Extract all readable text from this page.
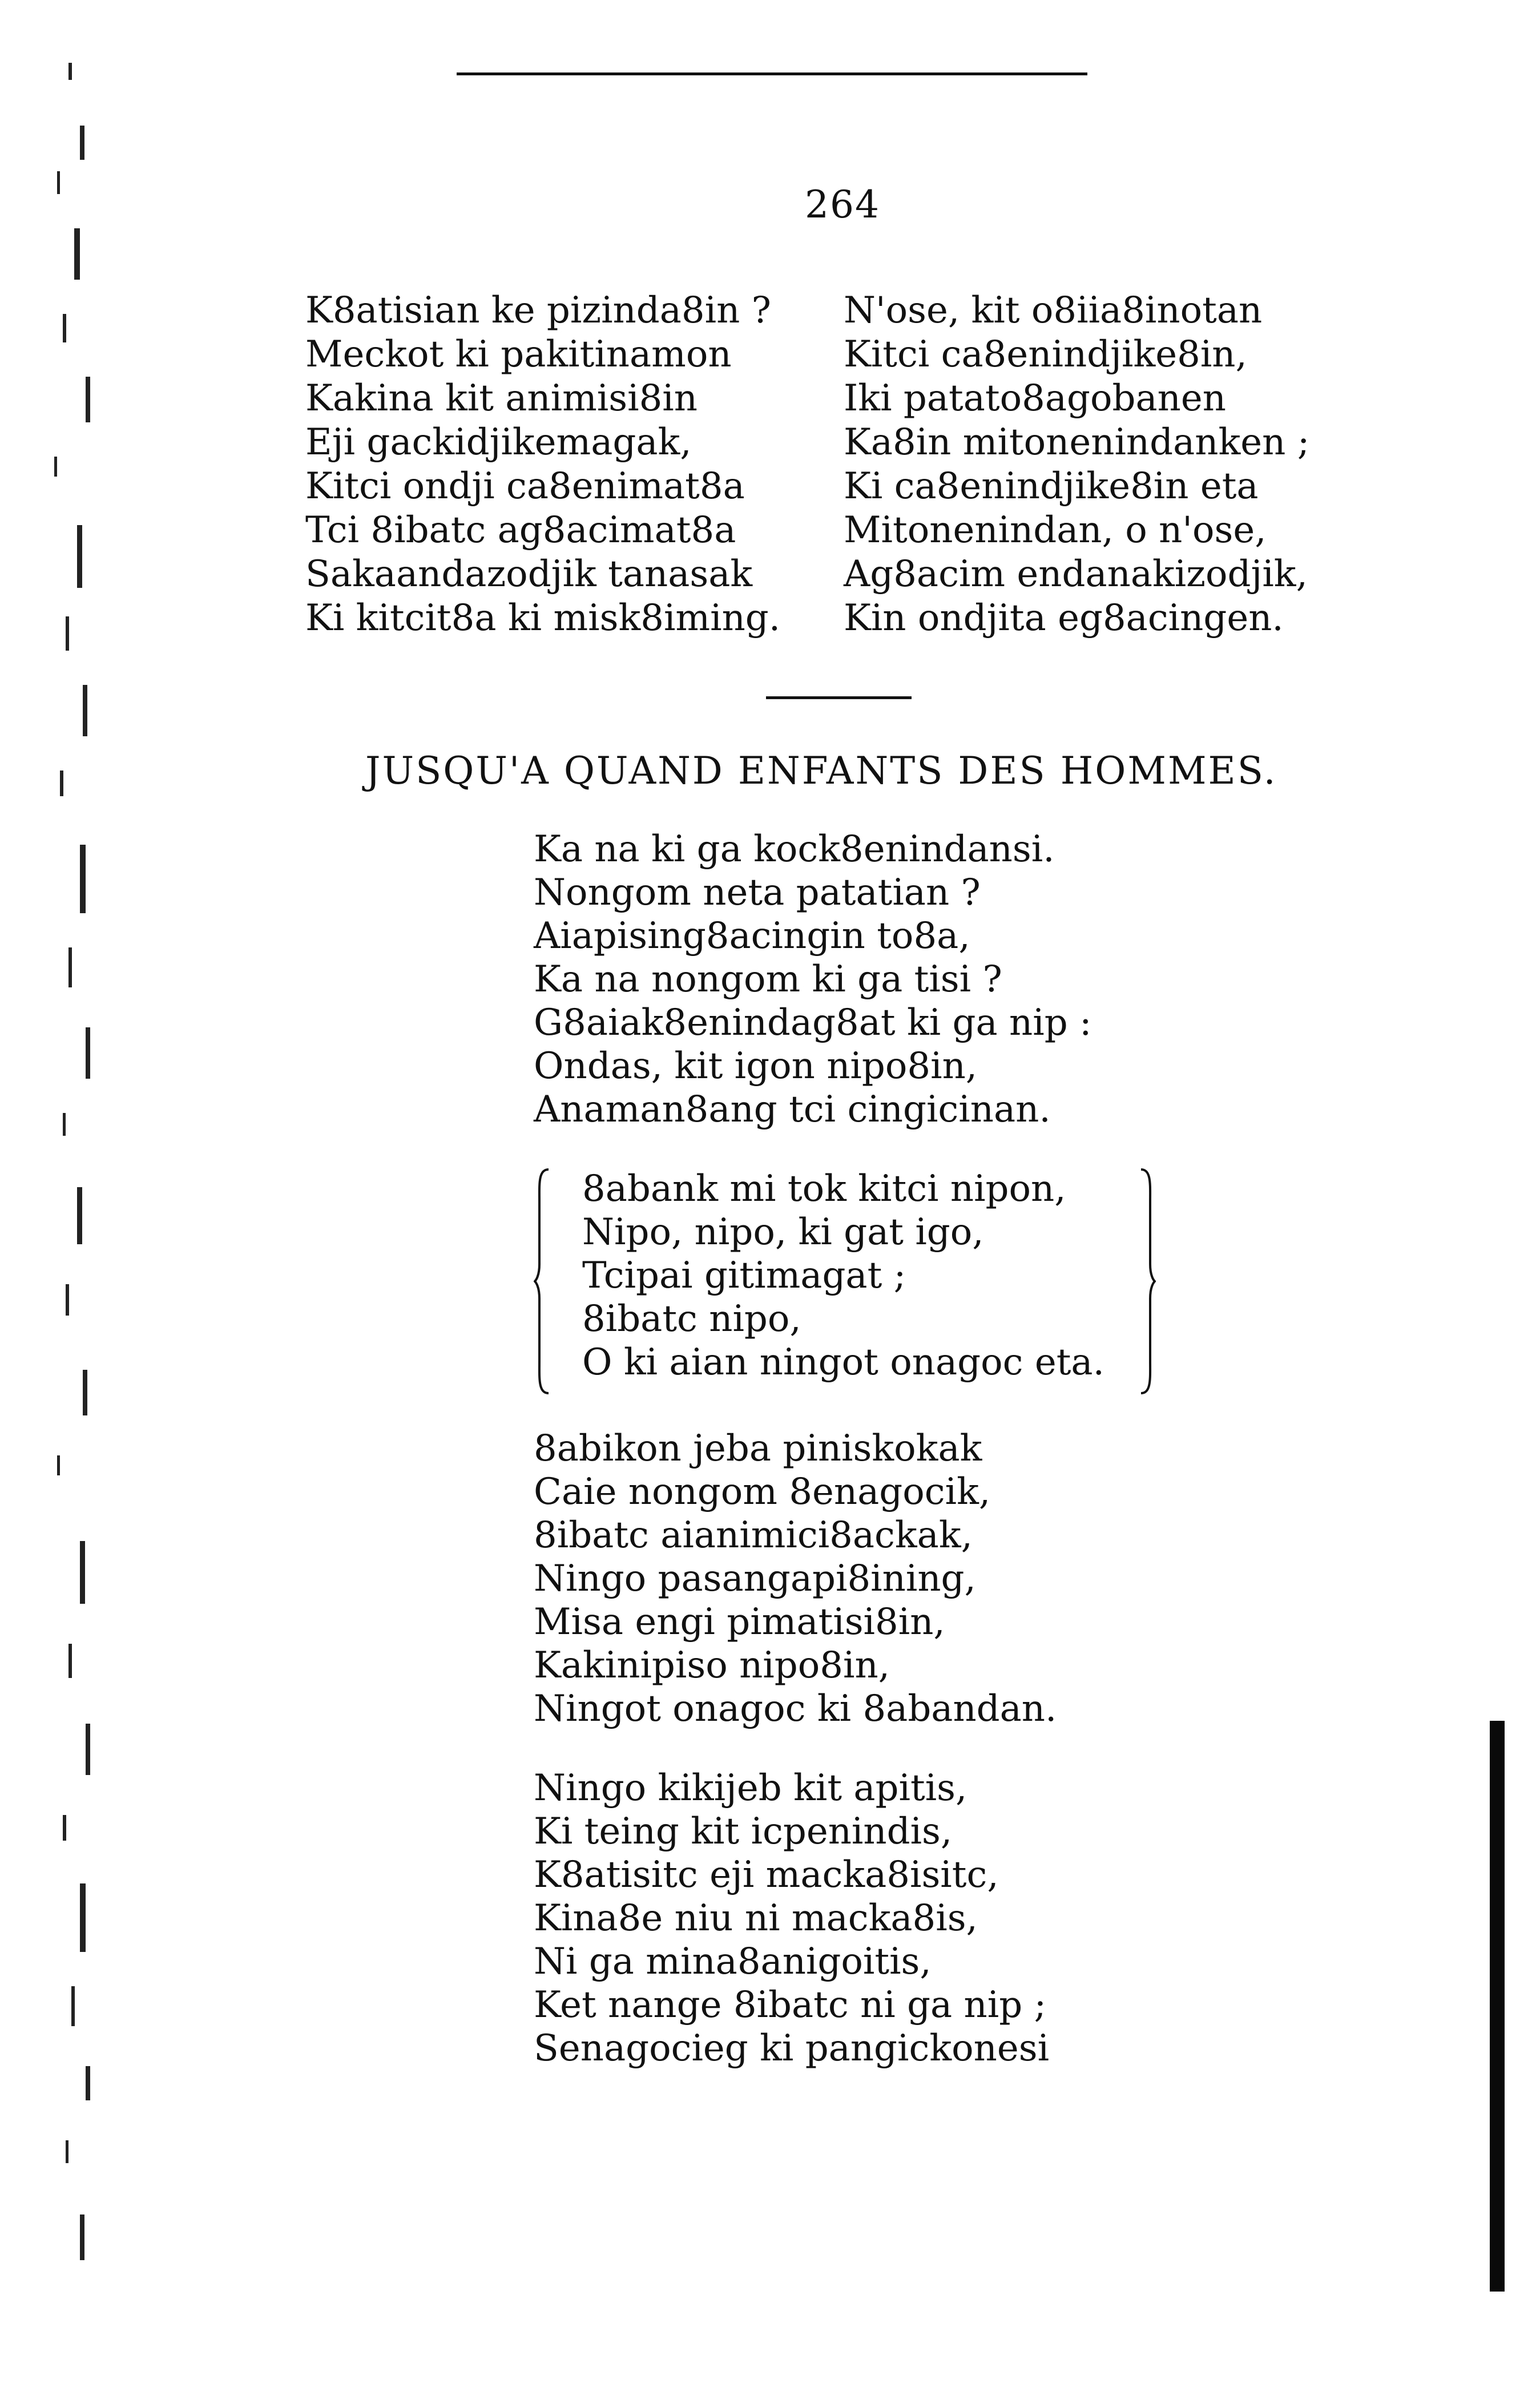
264
K8atisian ke pizinda8in ?
Meckot ki pakitinamon
Kakina kit animisi8in
Eji gackidjikemagak,
Kitci ondji ca8enimat8a
Tci 8ibatc ag8acimat8a
Sakaandazodjik tanasak
Ki kitcit8a ki misk8iming.
N'ose, kit o8iia8inotan
Kitci ca8enindjike8in,
Iki patato8agobanen
Ka8in mitonenindanken ;
Ki ca8enindjike8in eta
Mitonenindan, o n'ose,
Ag8acim endanakizodjik,
Kin ondjita eg8acingen.
JUSQU'A QUAND ENFANTS DES HOMMES.
Ka na ki ga kock8enindansi.
Nongom neta patatian ?
Aiapising8acingin to8a,
Ka na nongom ki ga tisi ?
G8aiak8enindag8at ki ga nip :
Ondas, kit igon nipo8in,
Anaman8ang tci cingicinan.
8abank mi tok kitci nipon,
Nipo, nipo, ki gat igo,
Tcipai gitimagat ;
8ibatc nipo,
O ki aian ningot onagoc eta.
8abikon jeba piniskokak
Caie nongom 8enagocik,
8ibatc aianimici8ackak,
Ningo pasangapi8ining,
Misa engi pimatisi8in,
Kakinipiso nipo8in,
Ningot onagoc ki 8abandan.
Ningo kikijeb kit apitis,
Ki teing kit icpenindis,
K8atisitc eji macka8isitc,
Kina8e niu ni macka8is,
Ni ga mina8anigoitis,
Ket nange 8ibatc ni ga nip ;
Senagocieg ki pangickonesi
